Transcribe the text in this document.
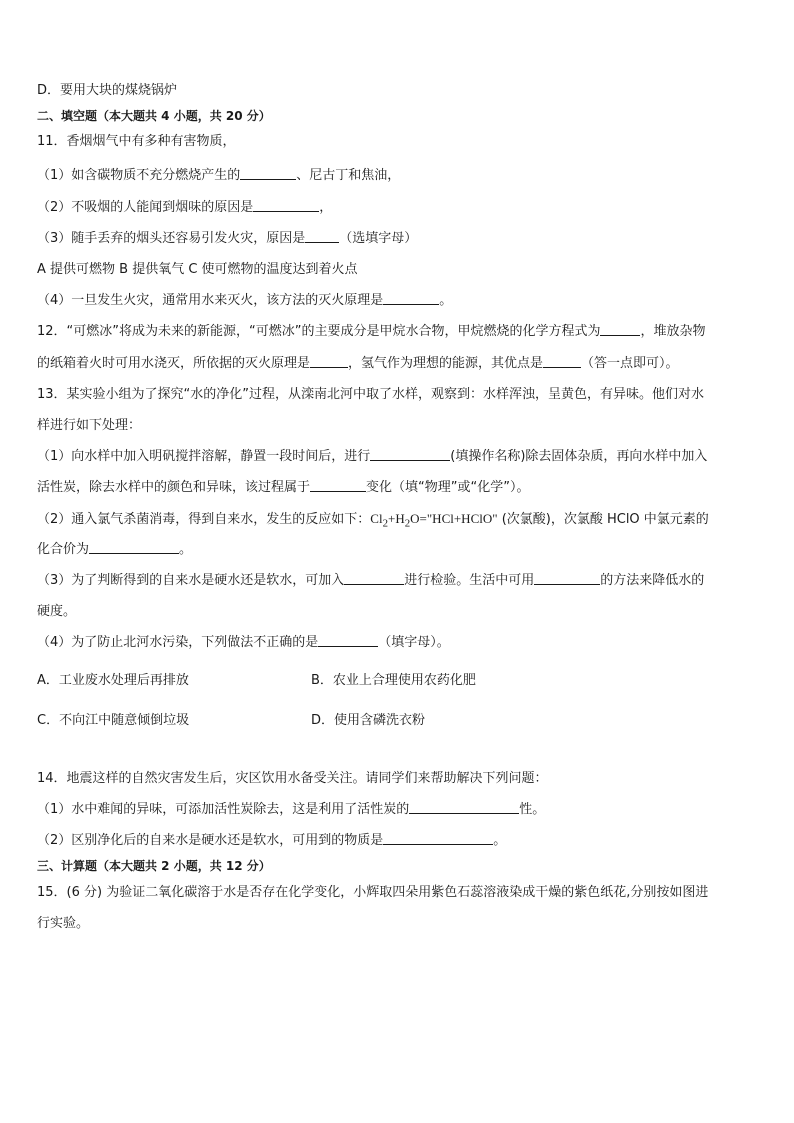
D．要用大块的煤烧锅炉
二、填空题（本大题共 4 小题，共 20 分）
11．香烟烟气中有多种有害物质，
（1）如含碳物质不充分燃烧产生的	、尼古丁和焦油，
（2）不吸烟的人能闻到烟味的原因是	，
（3）随手丢弃的烟头还容易引发火灾，原因是	（选填字母）
A 提供可燃物 B 提供氧气 C 使可燃物的温度达到着火点
（4）一旦发生火灾，通常用水来灭火，该方法的灭火原理是	。
12．“可燃冰”将成为未来的新能源，“可燃冰”的主要成分是甲烷水合物，甲烷燃烧的化学方程式为	，堆放杂物
的纸箱着火时可用水浇灭，所依据的灭火原理是	，氢气作为理想的能源，其优点是	（答一点即可）。
13．某实验小组为了探究“水的净化”过程，从滦南北河中取了水样，观察到：水样浑浊，呈黄色，有异味。他们对水
样进行如下处理：
（1）向水样中加入明矾搅拌溶解，静置一段时间后，进行	(填操作名称)除去固体杂质，再向水样中加入
活性炭，除去水样中的颜色和异味，该过程属于	变化（填“物理”或“化学”）。
（2）通入氯气杀菌消毒，得到自来水，发生的反应如下：$Cl_2+H_2O="HCl+HClO$" (次氯酸)，次氯酸 HClO 中氯元素的
化合价为	。
（3）为了判断得到的自来水是硬水还是软水，可加入	进行检验。生活中可用	的方法来降低水的
硬度。
（4）为了防止北河水污染，下列做法不正确的是	（填字母）。
A．工业废水处理后再排放	B．农业上合理使用农药化肥
C．不向江中随意倾倒垃圾	D．使用含磷洗衣粉
14．地震这样的自然灾害发生后，灾区饮用水备受关注。请同学们来帮助解决下列问题：
（1）水中难闻的异味，可添加活性炭除去，这是利用了活性炭的	性。
（2）区别净化后的自来水是硬水还是软水，可用到的物质是	。
三、计算题（本大题共 2 小题，共 12 分）
15．(6 分) 为验证二氧化碳溶于水是否存在化学变化，小辉取四朵用紫色石蕊溶液染成干燥的紫色纸花,分别按如图进
行实验。
